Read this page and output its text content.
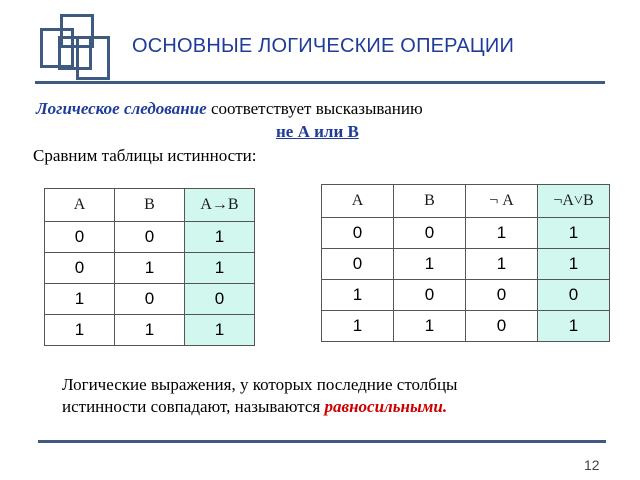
ОСНОВНЫЕ ЛОГИЧЕСКИЕ ОПЕРАЦИИ
Логическое следование соответствует высказыванию
не А или В
Сравним таблицы истинности:
А	В	А→В
0	0	1
0	1	1
1	0	0
1	1	1
А	В	¬ А	¬А˅В
0	0	1	1
0	1	1	1
1	0	0	0
1	1	0	1
Логические выражения, у которых последние столбцы
истинности совпадают, называются равносильными.
12
